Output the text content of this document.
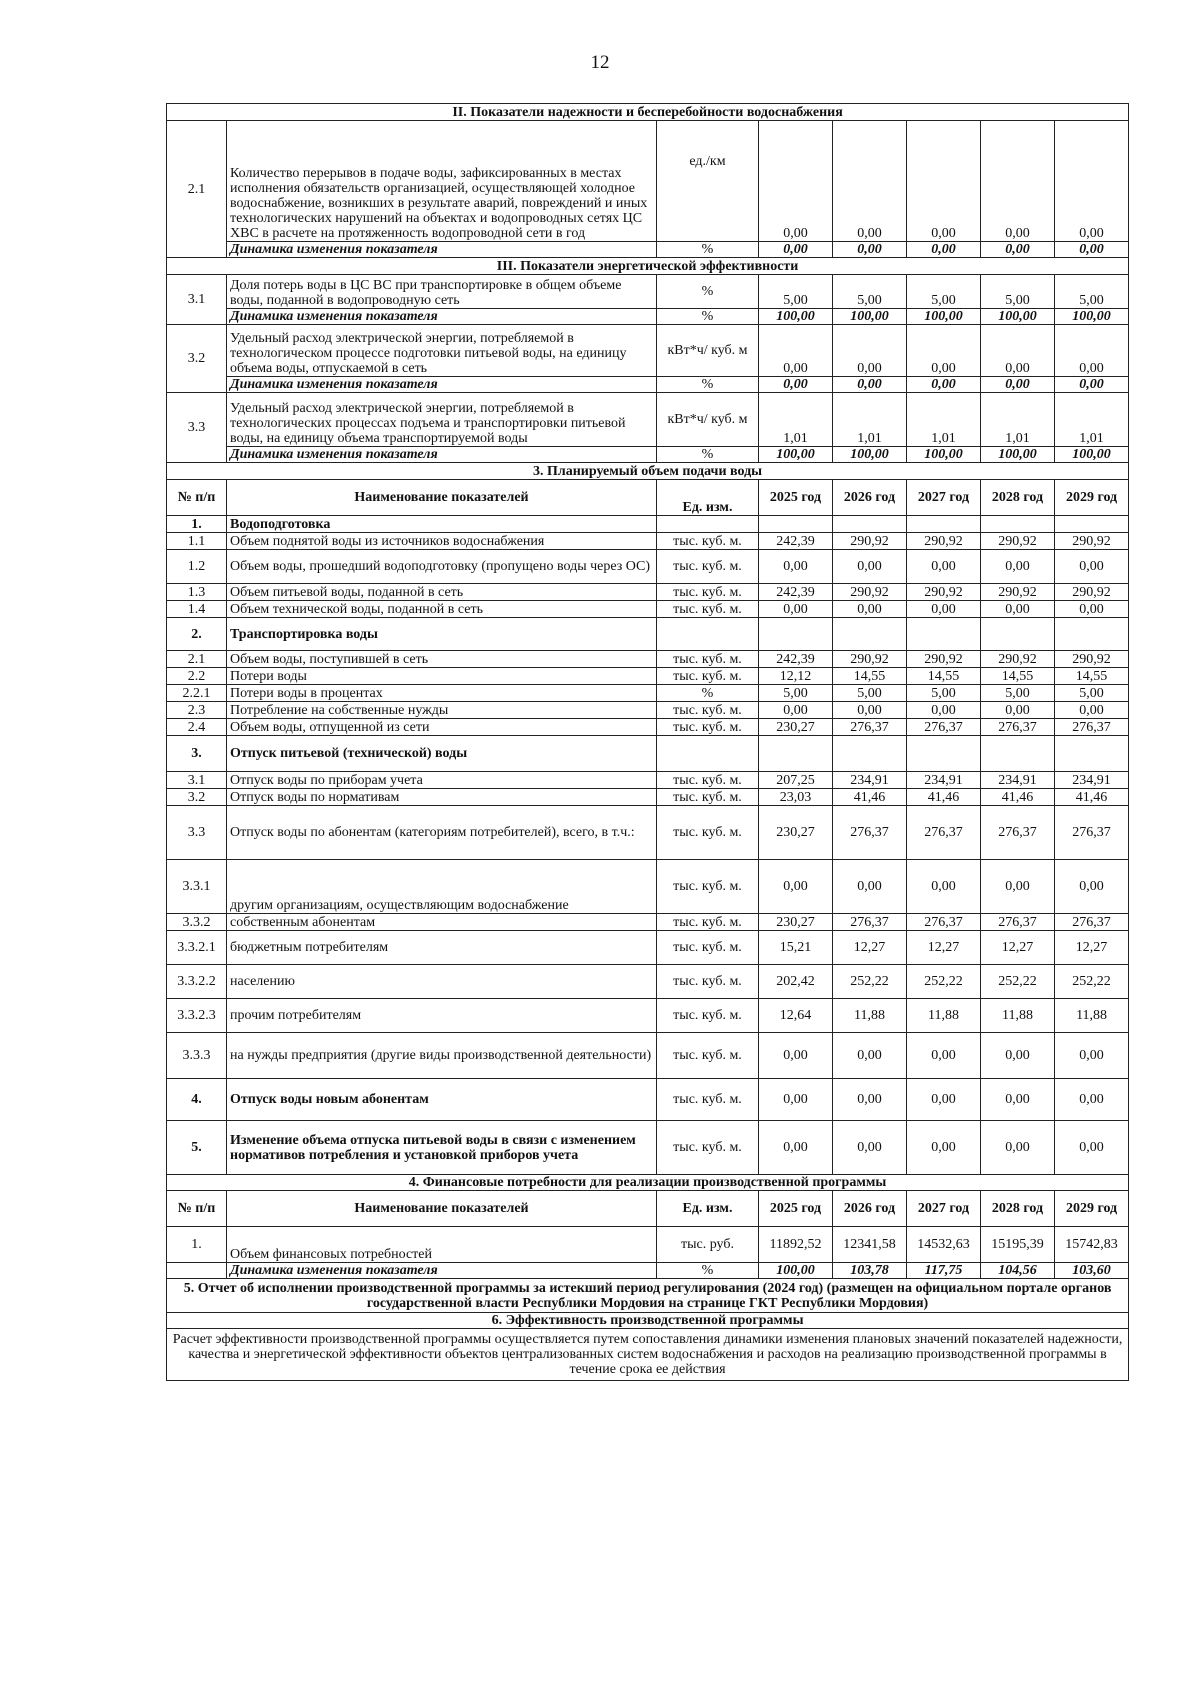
12
II. Показатели надежности и бесперебойности водоснабжения							
2.1	Количество перерывов в подаче воды, зафиксированных в местах исполнения обязательств организацией, осуществляющей холодное водоснабжение, возникших в результате аварий, повреждений и иных технологических нарушений на объектах и водопроводных сетях ЦС ХВС в расчете на протяженность водопроводной сети в год	ед./км	0,00	0,00	0,00	0,00	0,00
	Динамика изменения показателя	%	0,00	0,00	0,00	0,00	0,00
III. Показатели энергетической эффективности							
3.1	Доля потерь воды в ЦС ВС при транспортировке в общем объеме воды, поданной в водопроводную сеть	%	5,00	5,00	5,00	5,00	5,00
	Динамика изменения показателя	%	100,00	100,00	100,00	100,00	100,00
3.2	Удельный расход электрической энергии, потребляемой в технологическом процессе подготовки питьевой воды, на единицу объема воды, отпускаемой в сеть	кВт*ч/ куб. м	0,00	0,00	0,00	0,00	0,00
	Динамика изменения показателя	%	0,00	0,00	0,00	0,00	0,00
3.3	Удельный расход электрической энергии, потребляемой в технологических процессах подъема и транспортировки питьевой воды, на единицу объема транспортируемой воды	кВт*ч/ куб. м	1,01	1,01	1,01	1,01	1,01
	Динамика изменения показателя	%	100,00	100,00	100,00	100,00	100,00
3. Планируемый объем подачи воды							
№ п/п	Наименование показателей	Ед. изм.	2025 год	2026 год	2027 год	2028 год	2029 год
1.	Водоподготовка						
1.1	Объем поднятой воды из источников водоснабжения	тыс. куб. м.	242,39	290,92	290,92	290,92	290,92
1.2	Объем воды, прошедший водоподготовку (пропущено воды через ОС)	тыс. куб. м.	0,00	0,00	0,00	0,00	0,00
1.3	Объем питьевой воды, поданной в сеть	тыс. куб. м.	242,39	290,92	290,92	290,92	290,92
1.4	Объем технической воды, поданной в сеть	тыс. куб. м.	0,00	0,00	0,00	0,00	0,00
2.	Транспортировка воды						
2.1	Объем воды, поступившей в сеть	тыс. куб. м.	242,39	290,92	290,92	290,92	290,92
2.2	Потери воды	тыс. куб. м.	12,12	14,55	14,55	14,55	14,55
2.2.1	Потери воды в процентах	%	5,00	5,00	5,00	5,00	5,00
2.3	Потребление на собственные нужды	тыс. куб. м.	0,00	0,00	0,00	0,00	0,00
2.4	Объем воды, отпущенной из сети	тыс. куб. м.	230,27	276,37	276,37	276,37	276,37
3.	Отпуск питьевой (технической) воды						
3.1	Отпуск воды по приборам учета	тыс. куб. м.	207,25	234,91	234,91	234,91	234,91
3.2	Отпуск воды по нормативам	тыс. куб. м.	23,03	41,46	41,46	41,46	41,46
3.3	Отпуск воды по абонентам (категориям потребителей), всего, в т.ч.:	тыс. куб. м.	230,27	276,37	276,37	276,37	276,37
3.3.1	другим организациям, осуществляющим водоснабжение	тыс. куб. м.	0,00	0,00	0,00	0,00	0,00
3.3.2	собственным абонентам	тыс. куб. м.	230,27	276,37	276,37	276,37	276,37
3.3.2.1	бюджетным потребителям	тыс. куб. м.	15,21	12,27	12,27	12,27	12,27
3.3.2.2	населению	тыс. куб. м.	202,42	252,22	252,22	252,22	252,22
3.3.2.3	прочим потребителям	тыс. куб. м.	12,64	11,88	11,88	11,88	11,88
3.3.3	на нужды предприятия (другие виды производственной деятельности)	тыс. куб. м.	0,00	0,00	0,00	0,00	0,00
4.	Отпуск воды новым абонентам	тыс. куб. м.	0,00	0,00	0,00	0,00	0,00
5.	Изменение объема отпуска питьевой воды в связи с изменением нормативов потребления и установкой приборов учета	тыс. куб. м.	0,00	0,00	0,00	0,00	0,00
4. Финансовые потребности для реализации производственной программы							
№ п/п	Наименование показателей	Ед. изм.	2025 год	2026 год	2027 год	2028 год	2029 год
1.	Объем финансовых потребностей	тыс. руб.	11892,52	12341,58	14532,63	15195,39	15742,83
	Динамика изменения показателя	%	100,00	103,78	117,75	104,56	103,60
5. Отчет об исполнении производственной программы за истекший период регулирования (2024 год) (размещен на официальном портале органов государственной власти Республики Мордовия на странице ГКТ Республики Мордовия)							
6. Эффективность производственной программы							
Расчет эффективности производственной программы осуществляется путем сопоставления динамики изменения плановых значений показателей надежности, качества и энергетической эффективности объектов централизованных систем водоснабжения и расходов на реализацию производственной программы в течение срока ее действия							
